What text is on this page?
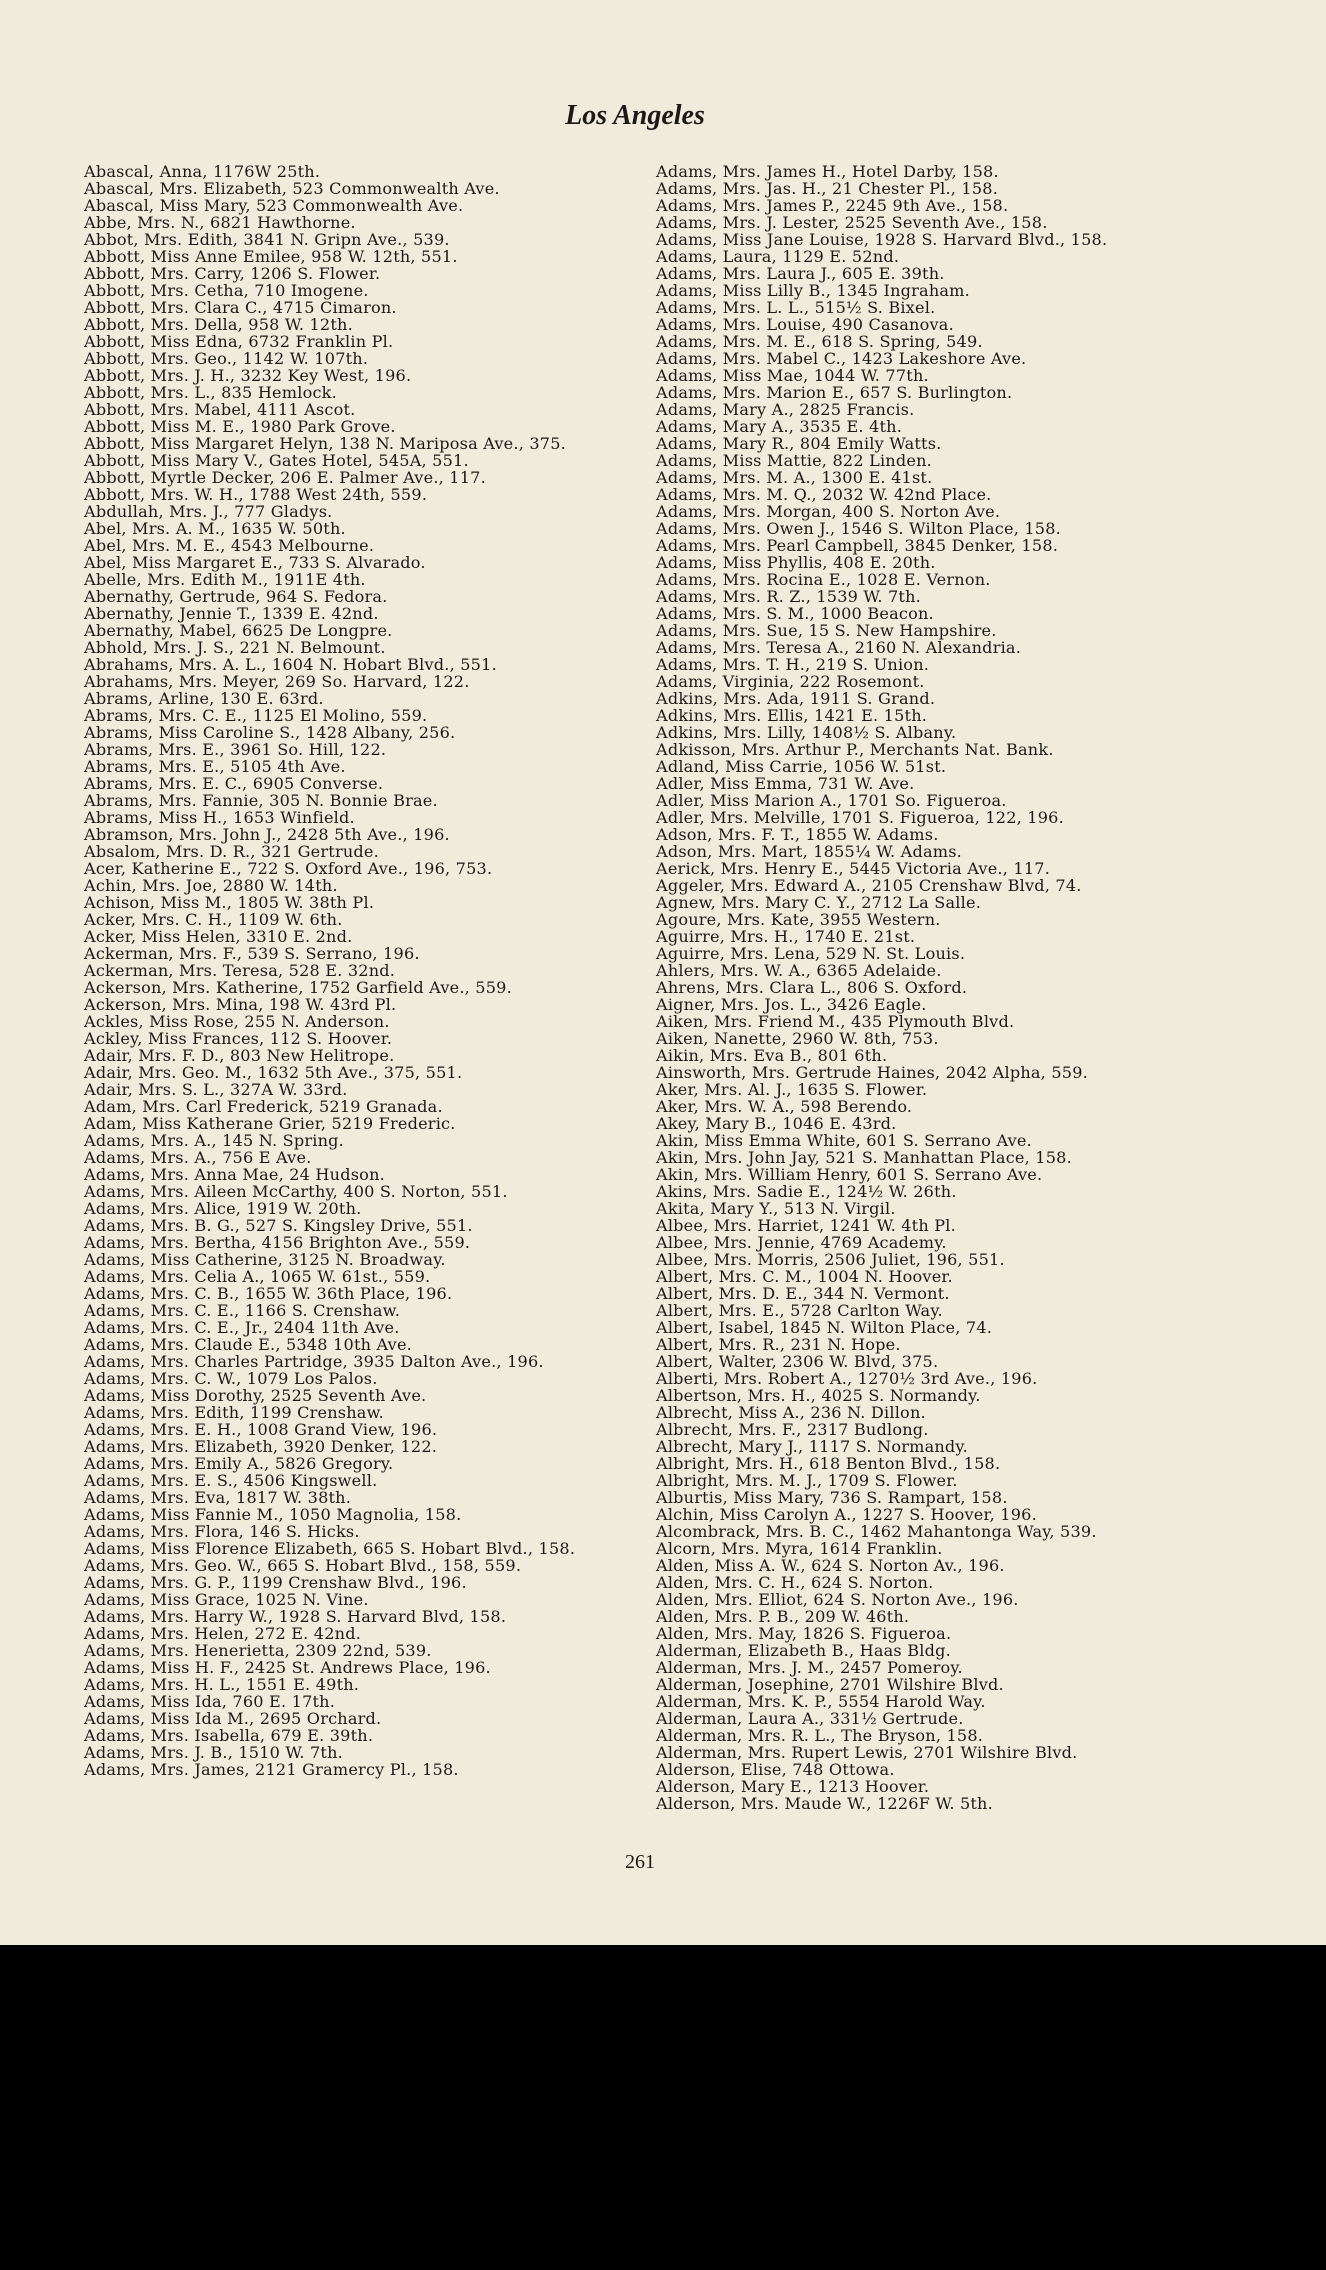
Los Angeles
Abascal, Anna, 1176W 25th.
Abascal, Mrs. Elizabeth, 523 Commonwealth Ave.
Abascal, Miss Mary, 523 Commonwealth Ave.
Abbe, Mrs. N., 6821 Hawthorne.
Abbot, Mrs. Edith, 3841 N. Gripn Ave., 539.
Abbott, Miss Anne Emilee, 958 W. 12th, 551.
Abbott, Mrs. Carry, 1206 S. Flower.
Abbott, Mrs. Cetha, 710 Imogene.
Abbott, Mrs. Clara C., 4715 Cimaron.
Abbott, Mrs. Della, 958 W. 12th.
Abbott, Miss Edna, 6732 Franklin Pl.
Abbott, Mrs. Geo., 1142 W. 107th.
Abbott, Mrs. J. H., 3232 Key West, 196.
Abbott, Mrs. L., 835 Hemlock.
Abbott, Mrs. Mabel, 4111 Ascot.
Abbott, Miss M. E., 1980 Park Grove.
Abbott, Miss Margaret Helyn, 138 N. Mariposa Ave., 375.
Abbott, Miss Mary V., Gates Hotel, 545A, 551.
Abbott, Myrtle Decker, 206 E. Palmer Ave., 117.
Abbott, Mrs. W. H., 1788 West 24th, 559.
Abdullah, Mrs. J., 777 Gladys.
Abel, Mrs. A. M., 1635 W. 50th.
Abel, Mrs. M. E., 4543 Melbourne.
Abel, Miss Margaret E., 733 S. Alvarado.
Abelle, Mrs. Edith M., 1911E 4th.
Abernathy, Gertrude, 964 S. Fedora.
Abernathy, Jennie T., 1339 E. 42nd.
Abernathy, Mabel, 6625 De Longpre.
Abhold, Mrs. J. S., 221 N. Belmount.
Abrahams, Mrs. A. L., 1604 N. Hobart Blvd., 551.
Abrahams, Mrs. Meyer, 269 So. Harvard, 122.
Abrams, Arline, 130 E. 63rd.
Abrams, Mrs. C. E., 1125 El Molino, 559.
Abrams, Miss Caroline S., 1428 Albany, 256.
Abrams, Mrs. E., 3961 So. Hill, 122.
Abrams, Mrs. E., 5105 4th Ave.
Abrams, Mrs. E. C., 6905 Converse.
Abrams, Mrs. Fannie, 305 N. Bonnie Brae.
Abrams, Miss H., 1653 Winfield.
Abramson, Mrs. John J., 2428 5th Ave., 196.
Absalom, Mrs. D. R., 321 Gertrude.
Acer, Katherine E., 722 S. Oxford Ave., 196, 753.
Achin, Mrs. Joe, 2880 W. 14th.
Achison, Miss M., 1805 W. 38th Pl.
Acker, Mrs. C. H., 1109 W. 6th.
Acker, Miss Helen, 3310 E. 2nd.
Ackerman, Mrs. F., 539 S. Serrano, 196.
Ackerman, Mrs. Teresa, 528 E. 32nd.
Ackerson, Mrs. Katherine, 1752 Garfield Ave., 559.
Ackerson, Mrs. Mina, 198 W. 43rd Pl.
Ackles, Miss Rose, 255 N. Anderson.
Ackley, Miss Frances, 112 S. Hoover.
Adair, Mrs. F. D., 803 New Helitrope.
Adair, Mrs. Geo. M., 1632 5th Ave., 375, 551.
Adair, Mrs. S. L., 327A W. 33rd.
Adam, Mrs. Carl Frederick, 5219 Granada.
Adam, Miss Katherane Grier, 5219 Frederic.
Adams, Mrs. A., 145 N. Spring.
Adams, Mrs. A., 756 E Ave.
Adams, Mrs. Anna Mae, 24 Hudson.
Adams, Mrs. Aileen McCarthy, 400 S. Norton, 551.
Adams, Mrs. Alice, 1919 W. 20th.
Adams, Mrs. B. G., 527 S. Kingsley Drive, 551.
Adams, Mrs. Bertha, 4156 Brighton Ave., 559.
Adams, Miss Catherine, 3125 N. Broadway.
Adams, Mrs. Celia A., 1065 W. 61st., 559.
Adams, Mrs. C. B., 1655 W. 36th Place, 196.
Adams, Mrs. C. E., 1166 S. Crenshaw.
Adams, Mrs. C. E., Jr., 2404 11th Ave.
Adams, Mrs. Claude E., 5348 10th Ave.
Adams, Mrs. Charles Partridge, 3935 Dalton Ave., 196.
Adams, Mrs. C. W., 1079 Los Palos.
Adams, Miss Dorothy, 2525 Seventh Ave.
Adams, Mrs. Edith, 1199 Crenshaw.
Adams, Mrs. E. H., 1008 Grand View, 196.
Adams, Mrs. Elizabeth, 3920 Denker, 122.
Adams, Mrs. Emily A., 5826 Gregory.
Adams, Mrs. E. S., 4506 Kingswell.
Adams, Mrs. Eva, 1817 W. 38th.
Adams, Miss Fannie M., 1050 Magnolia, 158.
Adams, Mrs. Flora, 146 S. Hicks.
Adams, Miss Florence Elizabeth, 665 S. Hobart Blvd., 158.
Adams, Mrs. Geo. W., 665 S. Hobart Blvd., 158, 559.
Adams, Mrs. G. P., 1199 Crenshaw Blvd., 196.
Adams, Miss Grace, 1025 N. Vine.
Adams, Mrs. Harry W., 1928 S. Harvard Blvd, 158.
Adams, Mrs. Helen, 272 E. 42nd.
Adams, Mrs. Henerietta, 2309 22nd, 539.
Adams, Miss H. F., 2425 St. Andrews Place, 196.
Adams, Mrs. H. L., 1551 E. 49th.
Adams, Miss Ida, 760 E. 17th.
Adams, Miss Ida M., 2695 Orchard.
Adams, Mrs. Isabella, 679 E. 39th.
Adams, Mrs. J. B., 1510 W. 7th.
Adams, Mrs. James, 2121 Gramercy Pl., 158.
Adams, Mrs. James H., Hotel Darby, 158.
Adams, Mrs. Jas. H., 21 Chester Pl., 158.
Adams, Mrs. James P., 2245 9th Ave., 158.
Adams, Mrs. J. Lester, 2525 Seventh Ave., 158.
Adams, Miss Jane Louise, 1928 S. Harvard Blvd., 158.
Adams, Laura, 1129 E. 52nd.
Adams, Mrs. Laura J., 605 E. 39th.
Adams, Miss Lilly B., 1345 Ingraham.
Adams, Mrs. L. L., 515½ S. Bixel.
Adams, Mrs. Louise, 490 Casanova.
Adams, Mrs. M. E., 618 S. Spring, 549.
Adams, Mrs. Mabel C., 1423 Lakeshore Ave.
Adams, Miss Mae, 1044 W. 77th.
Adams, Mrs. Marion E., 657 S. Burlington.
Adams, Mary A., 2825 Francis.
Adams, Mary A., 3535 E. 4th.
Adams, Mary R., 804 Emily Watts.
Adams, Miss Mattie, 822 Linden.
Adams, Mrs. M. A., 1300 E. 41st.
Adams, Mrs. M. Q., 2032 W. 42nd Place.
Adams, Mrs. Morgan, 400 S. Norton Ave.
Adams, Mrs. Owen J., 1546 S. Wilton Place, 158.
Adams, Mrs. Pearl Campbell, 3845 Denker, 158.
Adams, Miss Phyllis, 408 E. 20th.
Adams, Mrs. Rocina E., 1028 E. Vernon.
Adams, Mrs. R. Z., 1539 W. 7th.
Adams, Mrs. S. M., 1000 Beacon.
Adams, Mrs. Sue, 15 S. New Hampshire.
Adams, Mrs. Teresa A., 2160 N. Alexandria.
Adams, Mrs. T. H., 219 S. Union.
Adams, Virginia, 222 Rosemont.
Adkins, Mrs. Ada, 1911 S. Grand.
Adkins, Mrs. Ellis, 1421 E. 15th.
Adkins, Mrs. Lilly, 1408½ S. Albany.
Adkisson, Mrs. Arthur P., Merchants Nat. Bank.
Adland, Miss Carrie, 1056 W. 51st.
Adler, Miss Emma, 731 W. Ave.
Adler, Miss Marion A., 1701 So. Figueroa.
Adler, Mrs. Melville, 1701 S. Figueroa, 122, 196.
Adson, Mrs. F. T., 1855 W. Adams.
Adson, Mrs. Mart, 1855¼ W. Adams.
Aerick, Mrs. Henry E., 5445 Victoria Ave., 117.
Aggeler, Mrs. Edward A., 2105 Crenshaw Blvd, 74.
Agnew, Mrs. Mary C. Y., 2712 La Salle.
Agoure, Mrs. Kate, 3955 Western.
Aguirre, Mrs. H., 1740 E. 21st.
Aguirre, Mrs. Lena, 529 N. St. Louis.
Ahlers, Mrs. W. A., 6365 Adelaide.
Ahrens, Mrs. Clara L., 806 S. Oxford.
Aigner, Mrs. Jos. L., 3426 Eagle.
Aiken, Mrs. Friend M., 435 Plymouth Blvd.
Aiken, Nanette, 2960 W. 8th, 753.
Aikin, Mrs. Eva B., 801 6th.
Ainsworth, Mrs. Gertrude Haines, 2042 Alpha, 559.
Aker, Mrs. Al. J., 1635 S. Flower.
Aker, Mrs. W. A., 598 Berendo.
Akey, Mary B., 1046 E. 43rd.
Akin, Miss Emma White, 601 S. Serrano Ave.
Akin, Mrs. John Jay, 521 S. Manhattan Place, 158.
Akin, Mrs. William Henry, 601 S. Serrano Ave.
Akins, Mrs. Sadie E., 124½ W. 26th.
Akita, Mary Y., 513 N. Virgil.
Albee, Mrs. Harriet, 1241 W. 4th Pl.
Albee, Mrs. Jennie, 4769 Academy.
Albee, Mrs. Morris, 2506 Juliet, 196, 551.
Albert, Mrs. C. M., 1004 N. Hoover.
Albert, Mrs. D. E., 344 N. Vermont.
Albert, Mrs. E., 5728 Carlton Way.
Albert, Isabel, 1845 N. Wilton Place, 74.
Albert, Mrs. R., 231 N. Hope.
Albert, Walter, 2306 W. Blvd, 375.
Alberti, Mrs. Robert A., 1270½ 3rd Ave., 196.
Albertson, Mrs. H., 4025 S. Normandy.
Albrecht, Miss A., 236 N. Dillon.
Albrecht, Mrs. F., 2317 Budlong.
Albrecht, Mary J., 1117 S. Normandy.
Albright, Mrs. H., 618 Benton Blvd., 158.
Albright, Mrs. M. J., 1709 S. Flower.
Alburtis, Miss Mary, 736 S. Rampart, 158.
Alchin, Miss Carolyn A., 1227 S. Hoover, 196.
Alcombrack, Mrs. B. C., 1462 Mahantonga Way, 539.
Alcorn, Mrs. Myra, 1614 Franklin.
Alden, Miss A. W., 624 S. Norton Av., 196.
Alden, Mrs. C. H., 624 S. Norton.
Alden, Mrs. Elliot, 624 S. Norton Ave., 196.
Alden, Mrs. P. B., 209 W. 46th.
Alden, Mrs. May, 1826 S. Figueroa.
Alderman, Elizabeth B., Haas Bldg.
Alderman, Mrs. J. M., 2457 Pomeroy.
Alderman, Josephine, 2701 Wilshire Blvd.
Alderman, Mrs. K. P., 5554 Harold Way.
Alderman, Laura A., 331½ Gertrude.
Alderman, Mrs. R. L., The Bryson, 158.
Alderman, Mrs. Rupert Lewis, 2701 Wilshire Blvd.
Alderson, Elise, 748 Ottowa.
Alderson, Mary E., 1213 Hoover.
Alderson, Mrs. Maude W., 1226F W. 5th.
261
